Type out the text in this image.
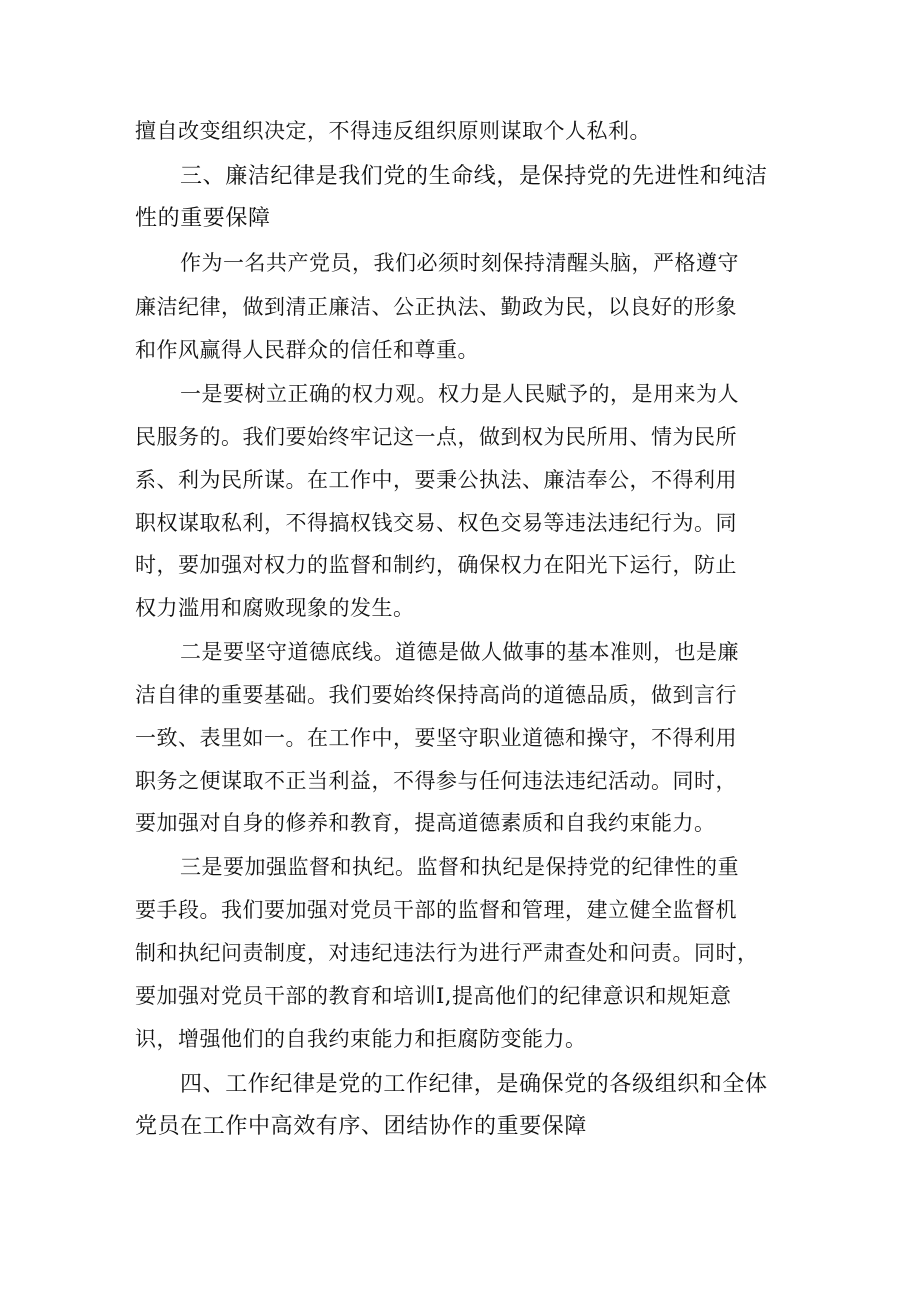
擅自改变组织决定，不得违反组织原则谋取个人私利。
三、廉洁纪律是我们党的生命线，是保持党的先进性和纯洁
性的重要保障
作为一名共产党员，我们必须时刻保持清醒头脑，严格遵守
廉洁纪律，做到清正廉洁、公正执法、勤政为民，以良好的形象
和作风赢得人民群众的信任和尊重。
一是要树立正确的权力观。权力是人民赋予的，是用来为人
民服务的。我们要始终牢记这一点，做到权为民所用、情为民所
系、利为民所谋。在工作中，要秉公执法、廉洁奉公，不得利用
职权谋取私利，不得搞权钱交易、权色交易等违法违纪行为。同
时，要加强对权力的监督和制约，确保权力在阳光下运行，防止
权力滥用和腐败现象的发生。
二是要坚守道德底线。道德是做人做事的基本准则，也是廉
洁自律的重要基础。我们要始终保持高尚的道德品质，做到言行
一致、表里如一。在工作中，要坚守职业道德和操守，不得利用
职务之便谋取不正当利益，不得参与任何违法违纪活动。同时，
要加强对自身的修养和教育，提高道德素质和自我约束能力。
三是要加强监督和执纪。监督和执纪是保持党的纪律性的重
要手段。我们要加强对党员干部的监督和管理，建立健全监督机
制和执纪问责制度，对违纪违法行为进行严肃查处和问责。同时，
要加强对党员干部的教育和培训I,提高他们的纪律意识和规矩意
识，增强他们的自我约束能力和拒腐防变能力。
四、工作纪律是党的工作纪律，是确保党的各级组织和全体
党员在工作中高效有序、团结协作的重要保障
